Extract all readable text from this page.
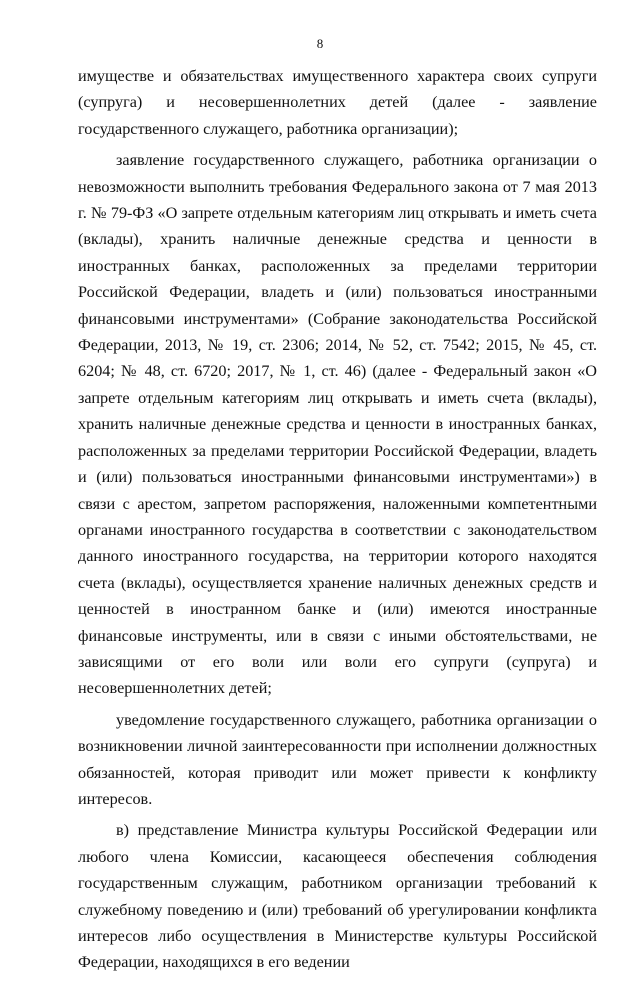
8

имуществе и обязательствах имущественного характера своих супруги (супруга) и несовершеннолетних детей (далее - заявление государственного служащего, работника организации);

заявление государственного служащего, работника организации о невозможности выполнить требования Федерального закона от 7 мая 2013 г. № 79-ФЗ «О запрете отдельным категориям лиц открывать и иметь счета (вклады), хранить наличные денежные средства и ценности в иностранных банках, расположенных за пределами территории Российской Федерации, владеть и (или) пользоваться иностранными финансовыми инструментами» (Собрание законодательства Российской Федерации, 2013, № 19, ст. 2306; 2014, № 52, ст. 7542; 2015, № 45, ст. 6204; № 48, ст. 6720; 2017, № 1, ст. 46) (далее - Федеральный закон «О запрете отдельным категориям лиц открывать и иметь счета (вклады), хранить наличные денежные средства и ценности в иностранных банках, расположенных за пределами территории Российской Федерации, владеть и (или) пользоваться иностранными финансовыми инструментами») в связи с арестом, запретом распоряжения, наложенными компетентными органами иностранного государства в соответствии с законодательством данного иностранного государства, на территории которого находятся счета (вклады), осуществляется хранение наличных денежных средств и ценностей в иностранном банке и (или) имеются иностранные финансовые инструменты, или в связи с иными обстоятельствами, не зависящими от его воли или воли его супруги (супруга) и несовершеннолетних детей;

уведомление государственного служащего, работника организации о возникновении личной заинтересованности при исполнении должностных обязанностей, которая приводит или может привести к конфликту интересов.

в) представление Министра культуры Российской Федерации или любого члена Комиссии, касающееся обеспечения соблюдения государственным служащим, работником организации требований к служебному поведению и (или) требований об урегулировании конфликта интересов либо осуществления в Министерстве культуры Российской Федерации, находящихся в его ведении
